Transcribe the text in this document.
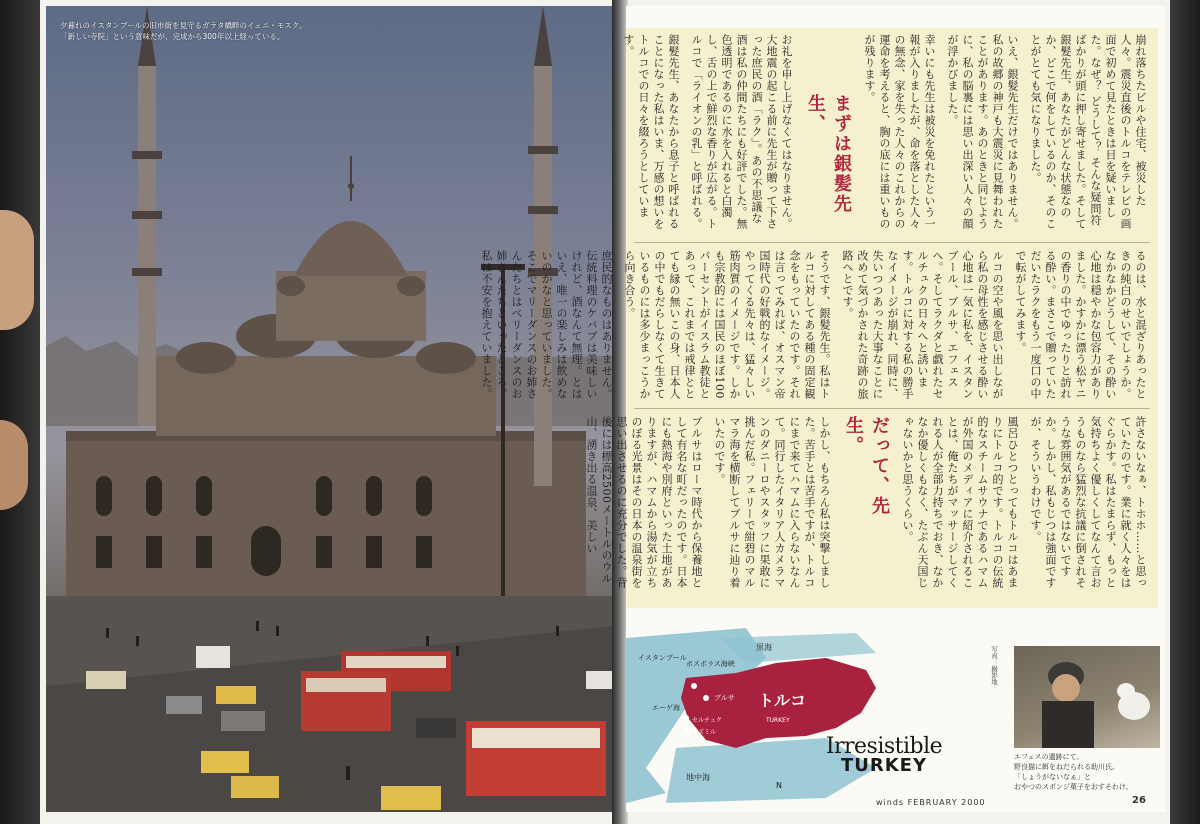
夕暮れのイスタンブールの旧市街を見守るガラタ橋畔のイェニ・モスク。
「新しい寺院」という意味だが、完成から300年以上経っている。	崩れ落ちたビルや住宅、被災した人々。震災直後のトルコをテレビの画面で初めて見たときは目を疑いました。なぜ？ どうして？ そんな疑問符ばかりが頭に押し寄せました。そして銀髪先生、あなたがどんな状態なのか、どこで何をしているのか、そのことがとても気になりました。
いえ、銀髪先生だけではありません。私の故郷の神戸も大震災に見舞われたことがあります。あのときと同じように、私の脳裏には思い出深い人々の顔が浮かびました。
幸いにも先生は被災を免れたという一報が入りましたが、命を落とした人々の無念、家を失った人々のこれからの運命を考えると、胸の底には重いものが残ります。
まずは銀髪先生、
お礼を申し上げなくてはなりません。大地震の起こる前に先生が贈って下さった庶民の酒「ラク」。あの不思議な酒は私の仲間たちにも好評でした。無色透明であるのに水を入れると白濁し、舌の上で鮮烈な香りが広がる。トルコで「ライオンの乳」と呼ばれる。
銀髪先生、あなたから息子と呼ばれることになった私はいま、万感の想いをトルコでの日々を綴ろうとしています。
るのは、水と混ざりあったときの純白のせいでしょうか。なかなかどうして、その酔い心地は穏やかな包容力がありました。かすかに漂う松ヤニの香りの中でゆったりと訪れる酔い。まさこで贈っていただいたラクをもう一度口の中で転がしてみます。
ルコの空や風を思い出しながら私の母性を感じさせる酔い心地は一気に私を、イスタンブール、ブルサ、エフェスへ。そしてラクダと戯れたセルチュクの日々へと誘います。トルコに対する私の勝手なイメージが崩れ、同時に、失いつつあった大事なことに改めて気づかされた奇跡の旅路へとです。
そうです、銀髪先生。私はトルコに対してある種の固定観念をもっていたのです。それは言ってみれば、オスマン帝国時代の好戦的なイメージ。やってくる先々は、猛々しい筋肉質のイメージです。しかも宗教的には国民のほぼ100パーセントがイスラム教徒とあって、これまでは戒律ととても縁の無いこの身、日本人の中でもだらしなくて生きているものには多少まっこうから向き合う。
庶民的なものはありません。伝統料理のケバブは美味しいけれど、酒なんて無理。とはいえ、唯一の楽しみは飲めないのかなと思っていました。そこでマリーダンスのお姉さんたちとはべリーダンスのお姉さんたちといったところ。私は不安を抱えていました。
許さないなぁ、トホホ……と思っていたのです。業に就く人々をはぐらかす。私はたまらず、もっと気持ちよく優しくしてなんて言おうものなら猛烈な抗議に倒されそうな雰囲気があるではないですか。しかし、私もじつは強面ですが、そういうわけです。
風呂ひとつとってもトルコはあまりにトルコ的です。トルコの伝統的なスチームサウナであるハマムが外国のメディアに紹介されることは、俺たちがマッサージしてくれる人が全部力持ちでおき、なかなか優しくもなく、たぶん天国じゃないかと思うくらい。
だって、先生。
しかし、もちろん私は突撃しました。苦手とは苦手ですが、トルコにまで来てハマムに入らないなんて。同行したイタリア人カメラマンのダニーロやスタッフに果敢に挑んだ私。フェリーで紺碧のマルマラ海を横断してブルサに辿り着いたのです。
ブルサはローマ時代から保養地として有名な町だったのです。日本にも熱海や別府といった土地がありますが、ハマムから湯気が立ちのぼる光景はその日本の温泉街を思い出させるのに充分でした。背後には標高2500メートルのウル山、湧き出る温泉、美しい
トルコ
TURKEY
黒海
ボスポラス海峡
イスタンブール
ブルサ
エーゲ海
セルチュク
イズミル
地中海
N
Irresistible
TURKEY
写真：撮影地
エフェスの遺跡にて。
野良猫に餌をねだられる助川氏。
「しょうがないなぁ」と
おやつのスポンジ菓子をおすそわけ。
winds FEBRUARY 2000	26
